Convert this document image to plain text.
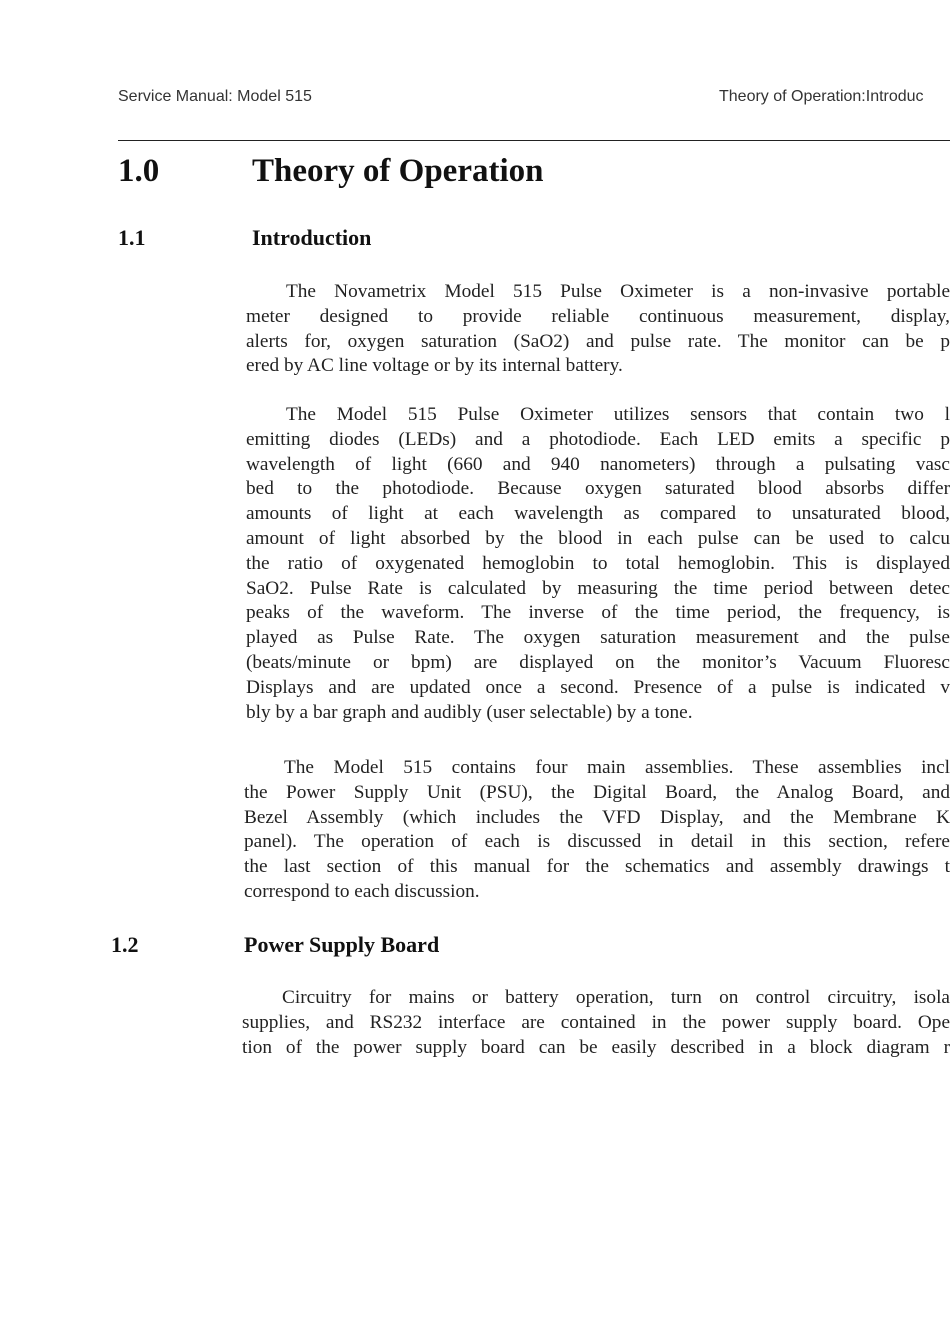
Service Manual: Model 515	Theory of Operation:Introduc
1.0	Theory of Operation
1.1	Introduction
The Novametrix Model 515 Pulse Oximeter is a non-invasive portable
meter designed to provide reliable continuous measurement, display,
alerts for, oxygen saturation (SaO2) and pulse rate. The monitor can be p
ered by AC line voltage or by its internal battery.
The Model 515 Pulse Oximeter utilizes sensors that contain two l
emitting diodes (LEDs) and a photodiode. Each LED emits a specific p
wavelength of light (660 and 940 nanometers) through a pulsating vasc
bed to the photodiode. Because oxygen saturated blood absorbs differ
amounts of light at each wavelength as compared to unsaturated blood,
amount of light absorbed by the blood in each pulse can be used to calcu
the ratio of oxygenated hemoglobin to total hemoglobin. This is displayed
SaO2. Pulse Rate is calculated by measuring the time period between detec
peaks of the waveform. The inverse of the time period, the frequency, is
played as Pulse Rate. The oxygen saturation measurement and the pulse
(beats/minute or bpm) are displayed on the monitor’s Vacuum Fluoresc
Displays and are updated once a second. Presence of a pulse is indicated v
bly by a bar graph and audibly (user selectable) by a tone.
The Model 515 contains four main assemblies. These assemblies incl
the Power Supply Unit (PSU), the Digital Board, the Analog Board, and
Bezel Assembly (which includes the VFD Display, and the Membrane K
panel). The operation of each is discussed in detail in this section, refere
the last section of this manual for the schematics and assembly drawings t
correspond to each discussion.
1.2	Power Supply Board
Circuitry for mains or battery operation, turn on control circuitry, isola
supplies, and RS232 interface are contained in the power supply board. Ope
tion of the power supply board can be easily described in a block diagram r
